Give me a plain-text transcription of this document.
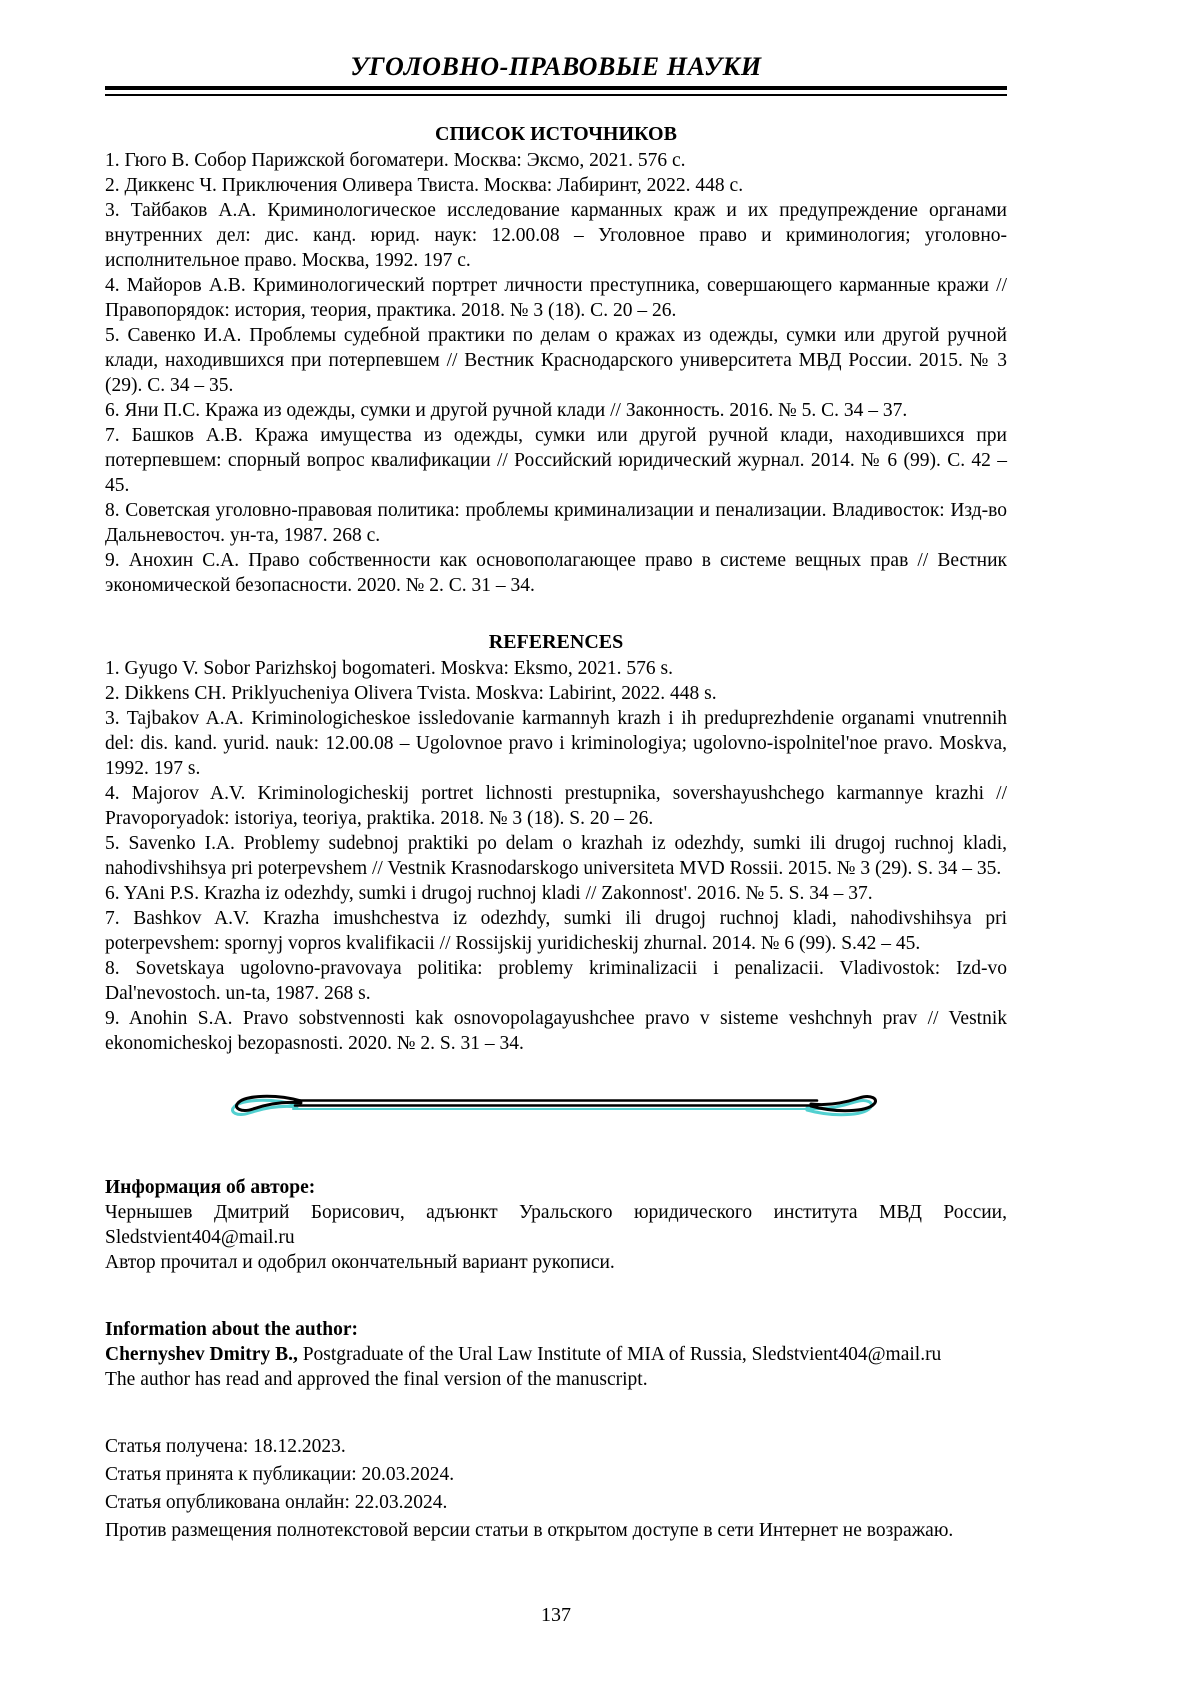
УГОЛОВНО-ПРАВОВЫЕ НАУКИ
СПИСОК ИСТОЧНИКОВ

1. Гюго В. Собор Парижской богоматери. Москва: Эксмо, 2021. 576 с.

2. Диккенс Ч. Приключения Оливера Твиста. Москва: Лабиринт, 2022. 448 с.

3. Тайбаков А.А. Криминологическое исследование карманных краж и их предупреждение органами внутренних дел: дис. канд. юрид. наук: 12.00.08 – Уголовное право и криминология; уголовно-исполнительное право. Москва, 1992. 197 с.

4. Майоров А.В. Криминологический портрет личности преступника, совершающего карманные кражи // Правопорядок: история, теория, практика. 2018. № 3 (18). С. 20 – 26.

5. Савенко И.А. Проблемы судебной практики по делам о кражах из одежды, сумки или другой ручной клади, находившихся при потерпевшем // Вестник Краснодарского университета МВД России. 2015. № 3 (29). С. 34 – 35.

6. Яни П.С. Кража из одежды, сумки и другой ручной клади // Законность. 2016. № 5. С. 34 – 37.

7. Башков А.В. Кража имущества из одежды, сумки или другой ручной клади, находившихся при потерпевшем: спорный вопрос квалификации // Российский юридический журнал. 2014. № 6 (99). С. 42 – 45.

8. Советская уголовно-правовая политика: проблемы криминализации и пенализации. Владивосток: Изд-во Дальневосточ. ун-та, 1987. 268 с.

9. Анохин С.А. Право собственности как основополагающее право в системе вещных прав // Вестник экономической безопасности. 2020. № 2. С. 31 – 34.

REFERENCES

1. Gyugo V. Sobor Parizhskoj bogomateri. Moskva: Eksmo, 2021. 576 s.

2. Dikkens CH. Priklyucheniya Olivera Tvista. Moskva: Labirint, 2022. 448 s.

3. Tajbakov A.A. Kriminologicheskoe issledovanie karmannyh krazh i ih preduprezhdenie organami vnutrennih del: dis. kand. yurid. nauk: 12.00.08 – Ugolovnoe pravo i kriminologiya; ugolovno-ispolnitel'noe pravo. Moskva, 1992. 197 s.

4. Majorov A.V. Kriminologicheskij portret lichnosti prestupnika, sovershayushchego karmannye krazhi // Pravoporyadok: istoriya, teoriya, praktika. 2018. № 3 (18). S. 20 – 26.

5. Savenko I.A. Problemy sudebnoj praktiki po delam o krazhah iz odezhdy, sumki ili drugoj ruchnoj kladi, nahodivshihsya pri poterpevshem // Vestnik Krasnodarskogo universiteta MVD Rossii. 2015. № 3 (29). S. 34 – 35.

6. YAni P.S. Krazha iz odezhdy, sumki i drugoj ruchnoj kladi // Zakonnost'. 2016. № 5. S. 34 – 37.

7. Bashkov A.V. Krazha imushchestva iz odezhdy, sumki ili drugoj ruchnoj kladi, nahodivshihsya pri poterpevshem: spornyj vopros kvalifikacii // Rossijskij yuridicheskij zhurnal. 2014. № 6 (99). S.42 – 45.

8. Sovetskaya ugolovno-pravovaya politika: problemy kriminalizacii i penalizacii. Vladivostok: Izd-vo Dal'nevostoch. un-ta, 1987. 268 s.

9. Anohin S.A. Pravo sobstvennosti kak osnovopolagayushchee pravo v sisteme veshchnyh prav // Vestnik ekonomicheskoj bezopasnosti. 2020. № 2. S. 31 – 34.

Информация об авторе:

Чернышев Дмитрий Борисович, адъюнкт Уральского юридического института МВД России, Sledstvient404@mail.ru

Автор прочитал и одобрил окончательный вариант рукописи.

Information about the author:

Chernyshev Dmitry B., Postgraduate of the Ural Law Institute of MIA of Russia, Sledstvient404@mail.ru

The author has read and approved the final version of the manuscript.

Статья получена: 18.12.2023.

Статья принята к публикации: 20.03.2024.

Статья опубликована онлайн: 22.03.2024.

Против размещения полнотекстовой версии статьи в открытом доступе в сети Интернет не возражаю.

137
